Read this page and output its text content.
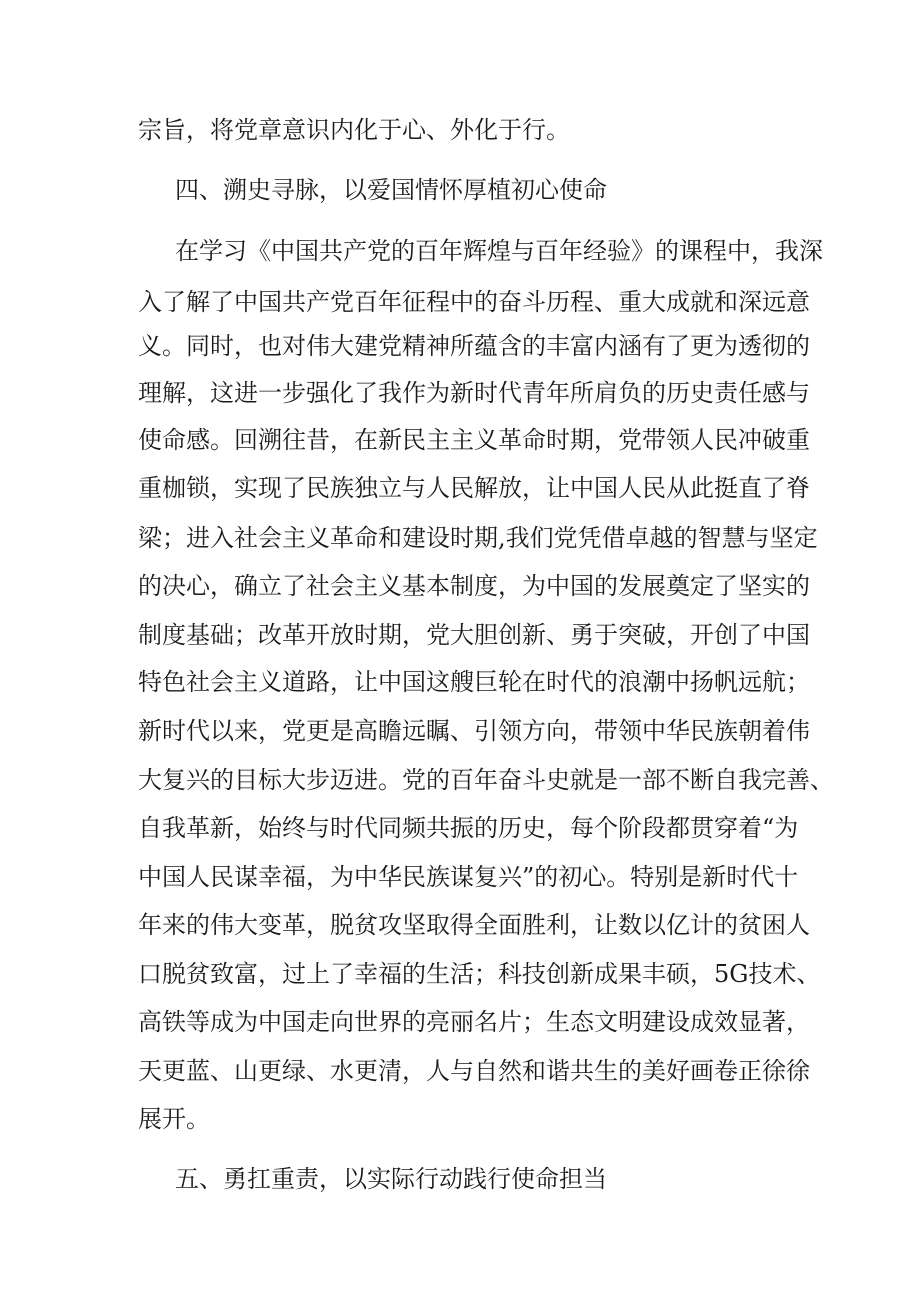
宗旨，将党章意识内化于心、外化于行。
四、溯史寻脉，以爱国情怀厚植初心使命
在学习《中国共产党的百年辉煌与百年经验》的课程中，我深
入了解了中国共产党百年征程中的奋斗历程、重大成就和深远意
义。同时，也对伟大建党精神所蕴含的丰富内涵有了更为透彻的
理解，这进一步强化了我作为新时代青年所肩负的历史责任感与
使命感。回溯往昔，在新民主主义革命时期，党带领人民冲破重
重枷锁，实现了民族独立与人民解放，让中国人民从此挺直了脊
梁；进入社会主义革命和建设时期,我们党凭借卓越的智慧与坚定
的决心，确立了社会主义基本制度，为中国的发展奠定了坚实的
制度基础；改革开放时期，党大胆创新、勇于突破，开创了中国
特色社会主义道路，让中国这艘巨轮在时代的浪潮中扬帆远航；
新时代以来，党更是高瞻远瞩、引领方向，带领中华民族朝着伟
大复兴的目标大步迈进。党的百年奋斗史就是一部不断自我完善、
自我革新，始终与时代同频共振的历史，每个阶段都贯穿着“为
中国人民谋幸福，为中华民族谋复兴”的初心。特别是新时代十
年来的伟大变革，脱贫攻坚取得全面胜利，让数以亿计的贫困人
口脱贫致富，过上了幸福的生活；科技创新成果丰硕，5G技术、
高铁等成为中国走向世界的亮丽名片；生态文明建设成效显著，
天更蓝、山更绿、水更清，人与自然和谐共生的美好画卷正徐徐
展开。
五、勇扛重责，以实际行动践行使命担当
